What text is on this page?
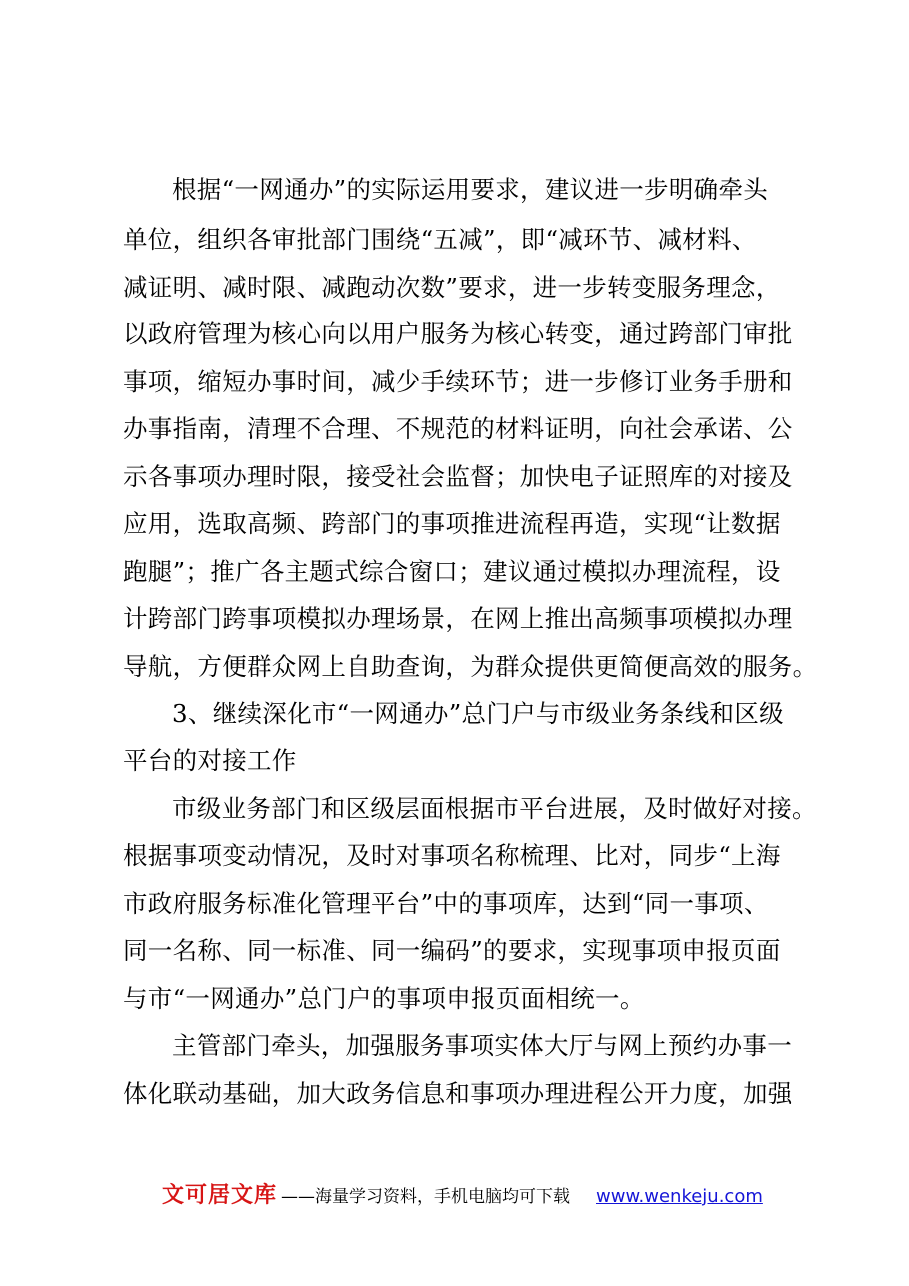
根据“一网通办”的实际运用要求，建议进一步明确牵头
单位，组织各审批部门围绕“五减”，即“减环节、减材料、
减证明、减时限、减跑动次数”要求，进一步转变服务理念，
以政府管理为核心向以用户服务为核心转变，通过跨部门审批
事项，缩短办事时间，减少手续环节；进一步修订业务手册和
办事指南，清理不合理、不规范的材料证明，向社会承诺、公
示各事项办理时限，接受社会监督；加快电子证照库的对接及
应用，选取高频、跨部门的事项推进流程再造，实现“让数据
跑腿”；推广各主题式综合窗口；建议通过模拟办理流程，设
计跨部门跨事项模拟办理场景，在网上推出高频事项模拟办理
导航，方便群众网上自助查询，为群众提供更简便高效的服务。
3、继续深化市“一网通办”总门户与市级业务条线和区级
平台的对接工作
市级业务部门和区级层面根据市平台进展，及时做好对接。
根据事项变动情况，及时对事项名称梳理、比对，同步“上海
市政府服务标准化管理平台”中的事项库，达到“同一事项、
同一名称、同一标准、同一编码”的要求，实现事项申报页面
与市“一网通办”总门户的事项申报页面相统一。
主管部门牵头，加强服务事项实体大厅与网上预约办事一
体化联动基础，加大政务信息和事项办理进程公开力度，加强
文可居文库 ——海量学习资料，手机电脑均可下载 www.wenkeju.com
